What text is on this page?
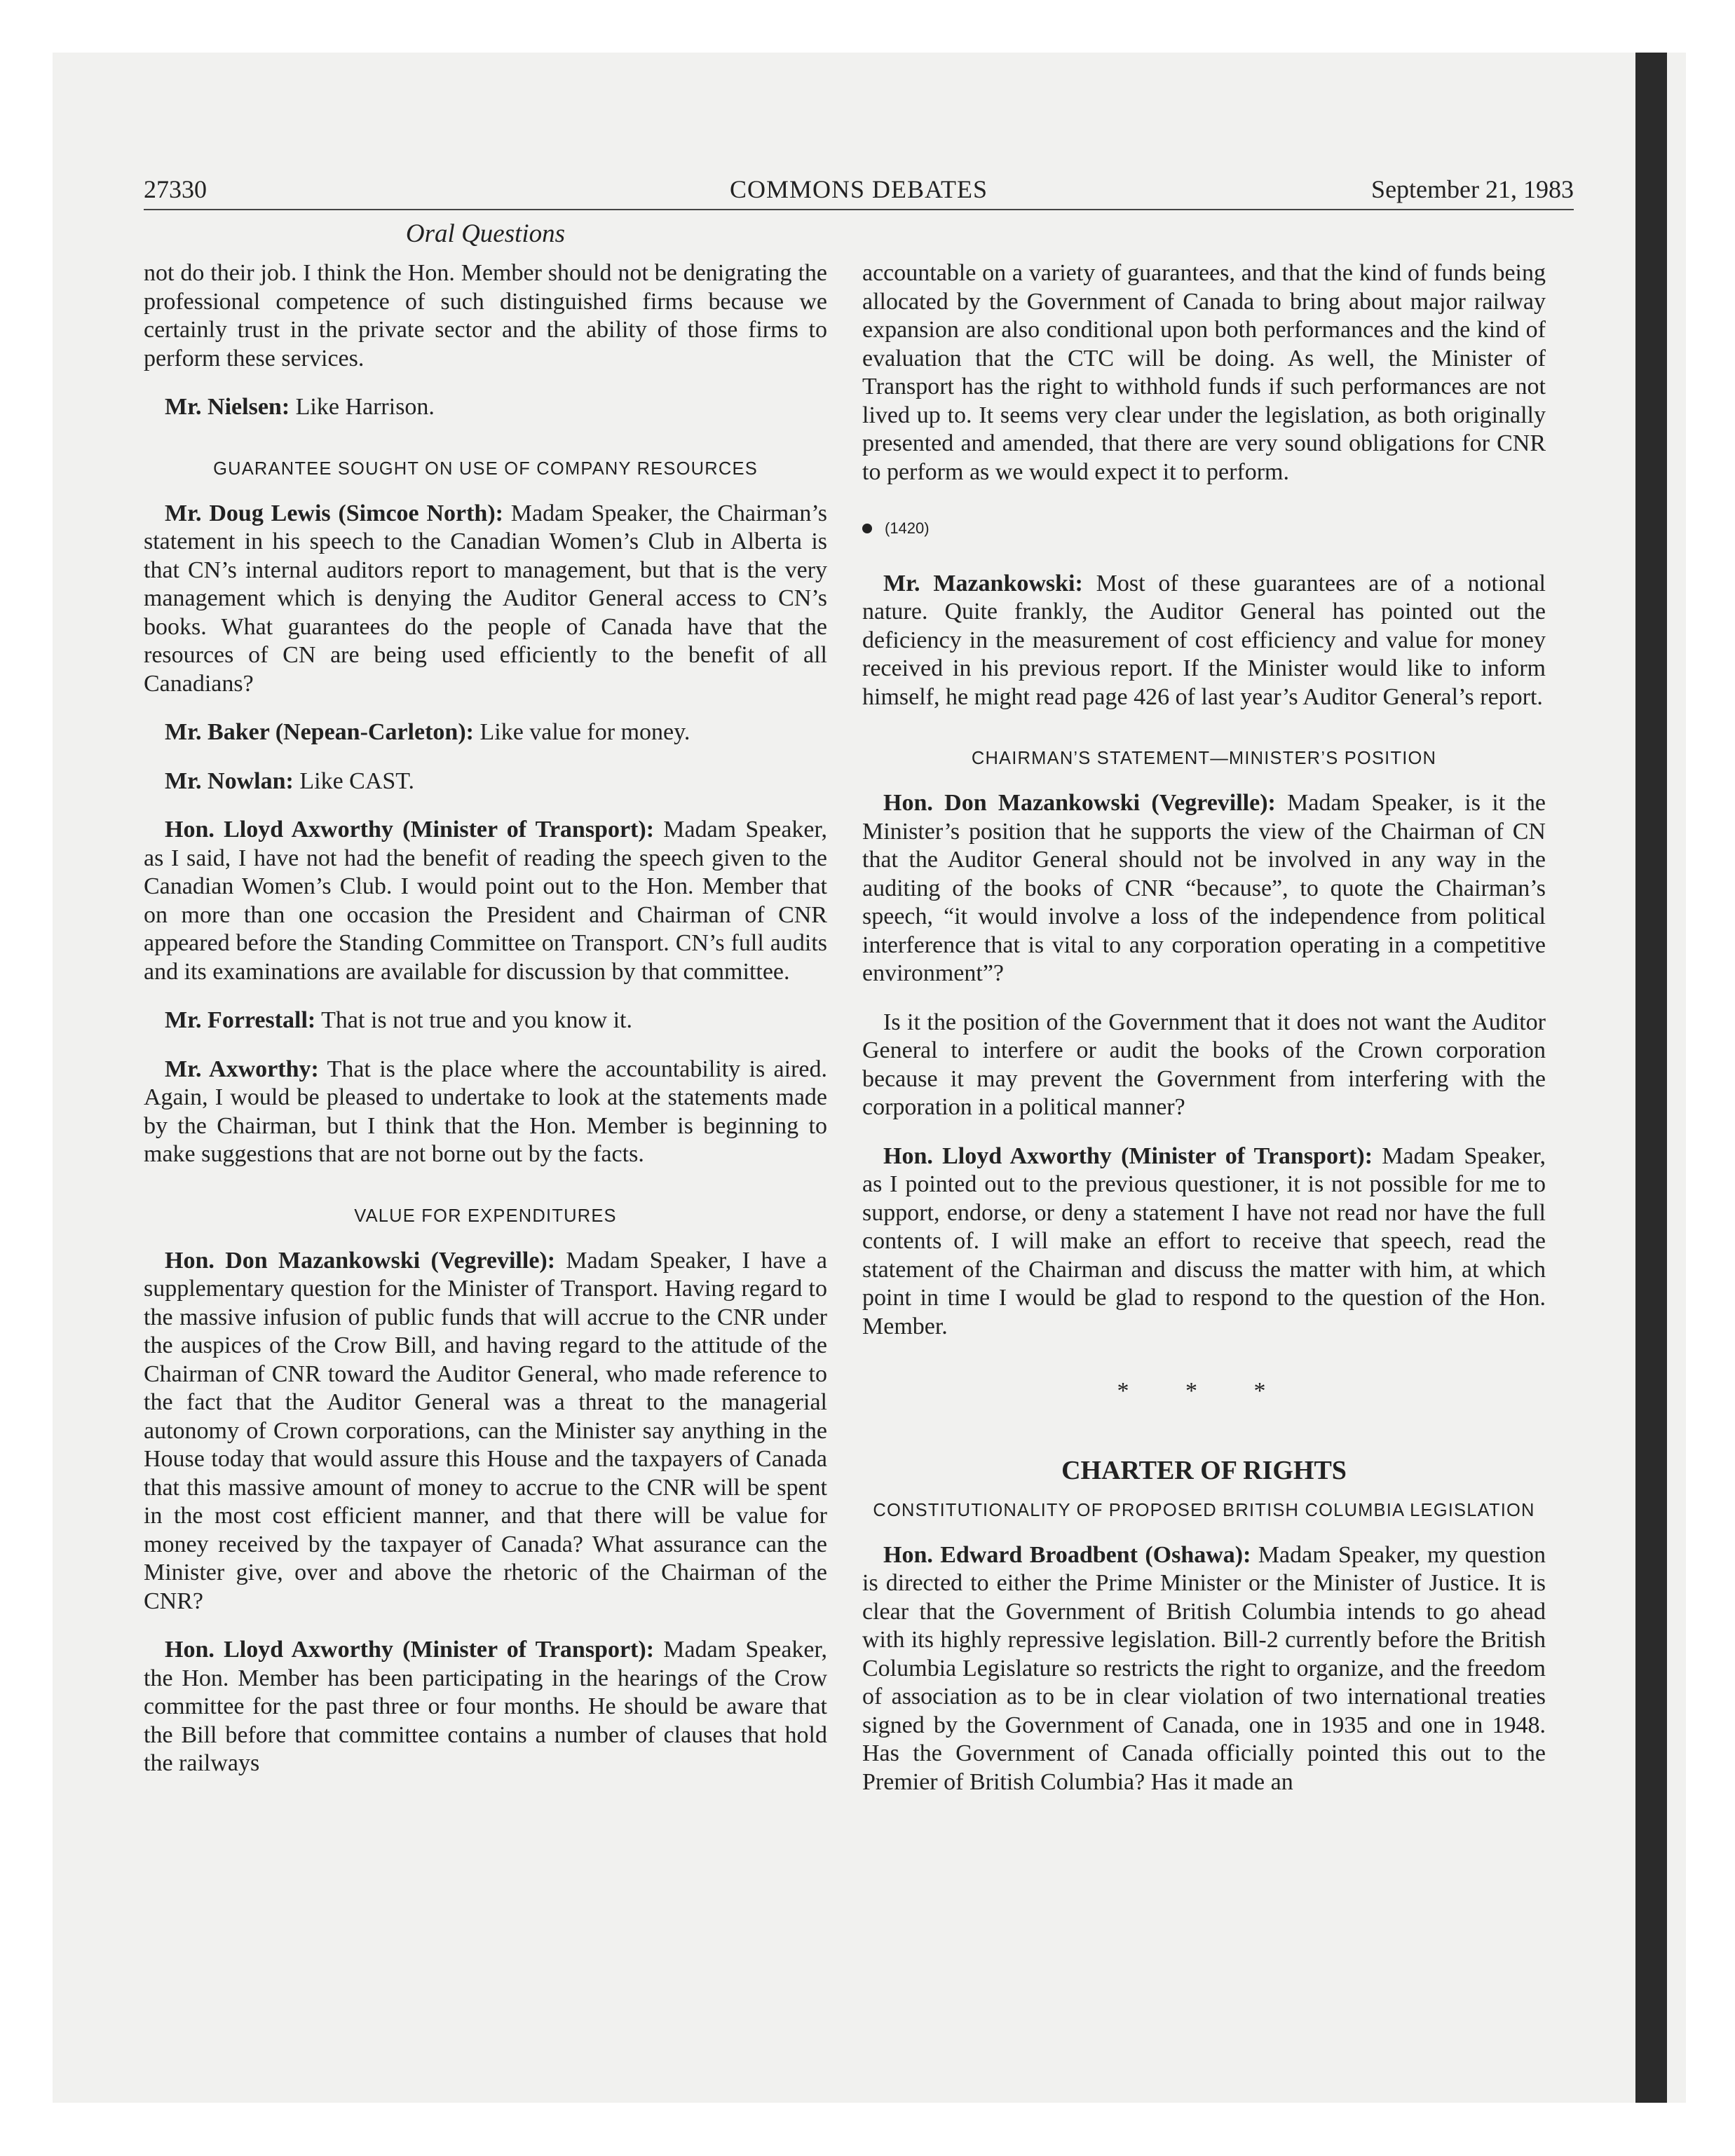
27330	COMMONS DEBATES	September 21, 1983
Oral Questions

not do their job. I think the Hon. Member should not be denigrating the professional competence of such distinguished firms because we certainly trust in the private sector and the ability of those firms to perform these services.

Mr. Nielsen: Like Harrison.

GUARANTEE SOUGHT ON USE OF COMPANY RESOURCES

Mr. Doug Lewis (Simcoe North): Madam Speaker, the Chairman’s statement in his speech to the Canadian Women’s Club in Alberta is that CN’s internal auditors report to management, but that is the very management which is denying the Auditor General access to CN’s books. What guarantees do the people of Canada have that the resources of CN are being used efficiently to the benefit of all Canadians?

Mr. Baker (Nepean-Carleton): Like value for money.

Mr. Nowlan: Like CAST.

Hon. Lloyd Axworthy (Minister of Transport): Madam Speaker, as I said, I have not had the benefit of reading the speech given to the Canadian Women’s Club. I would point out to the Hon. Member that on more than one occasion the President and Chairman of CNR appeared before the Standing Committee on Transport. CN’s full audits and its examinations are available for discussion by that committee.

Mr. Forrestall: That is not true and you know it.

Mr. Axworthy: That is the place where the accountability is aired. Again, I would be pleased to undertake to look at the statements made by the Chairman, but I think that the Hon. Member is beginning to make suggestions that are not borne out by the facts.

VALUE FOR EXPENDITURES

Hon. Don Mazankowski (Vegreville): Madam Speaker, I have a supplementary question for the Minister of Transport. Having regard to the massive infusion of public funds that will accrue to the CNR under the auspices of the Crow Bill, and having regard to the attitude of the Chairman of CNR toward the Auditor General, who made reference to the fact that the Auditor General was a threat to the managerial autonomy of Crown corporations, can the Minister say anything in the House today that would assure this House and the taxpayers of Canada that this massive amount of money to accrue to the CNR will be spent in the most cost efficient manner, and that there will be value for money received by the taxpayer of Canada? What assurance can the Minister give, over and above the rhetoric of the Chairman of the CNR?

Hon. Lloyd Axworthy (Minister of Transport): Madam Speaker, the Hon. Member has been participating in the hearings of the Crow committee for the past three or four months. He should be aware that the Bill before that committee contains a number of clauses that hold the railways

accountable on a variety of guarantees, and that the kind of funds being allocated by the Government of Canada to bring about major railway expansion are also conditional upon both performances and the kind of evaluation that the CTC will be doing. As well, the Minister of Transport has the right to withhold funds if such performances are not lived up to. It seems very clear under the legislation, as both originally presented and amended, that there are very sound obligations for CNR to perform as we would expect it to perform.

(1420)

Mr. Mazankowski: Most of these guarantees are of a notional nature. Quite frankly, the Auditor General has pointed out the deficiency in the measurement of cost efficiency and value for money received in his previous report. If the Minister would like to inform himself, he might read page 426 of last year’s Auditor General’s report.

CHAIRMAN’S STATEMENT—MINISTER’S POSITION

Hon. Don Mazankowski (Vegreville): Madam Speaker, is it the Minister’s position that he supports the view of the Chairman of CN that the Auditor General should not be involved in any way in the auditing of the books of CNR “because”, to quote the Chairman’s speech, “it would involve a loss of the independence from political interference that is vital to any corporation operating in a competitive environment”?

Is it the position of the Government that it does not want the Auditor General to interfere or audit the books of the Crown corporation because it may prevent the Government from interfering with the corporation in a political manner?

Hon. Lloyd Axworthy (Minister of Transport): Madam Speaker, as I pointed out to the previous questioner, it is not possible for me to support, endorse, or deny a statement I have not read nor have the full contents of. I will make an effort to receive that speech, read the statement of the Chairman and discuss the matter with him, at which point in time I would be glad to respond to the question of the Hon. Member.

* * *
CHARTER OF RIGHTS
CONSTITUTIONALITY OF PROPOSED BRITISH COLUMBIA LEGISLATION

Hon. Edward Broadbent (Oshawa): Madam Speaker, my question is directed to either the Prime Minister or the Minister of Justice. It is clear that the Government of British Columbia intends to go ahead with its highly repressive legislation. Bill-2 currently before the British Columbia Legislature so restricts the right to organize, and the freedom of association as to be in clear violation of two international treaties signed by the Government of Canada, one in 1935 and one in 1948. Has the Government of Canada officially pointed this out to the Premier of British Columbia? Has it made an
